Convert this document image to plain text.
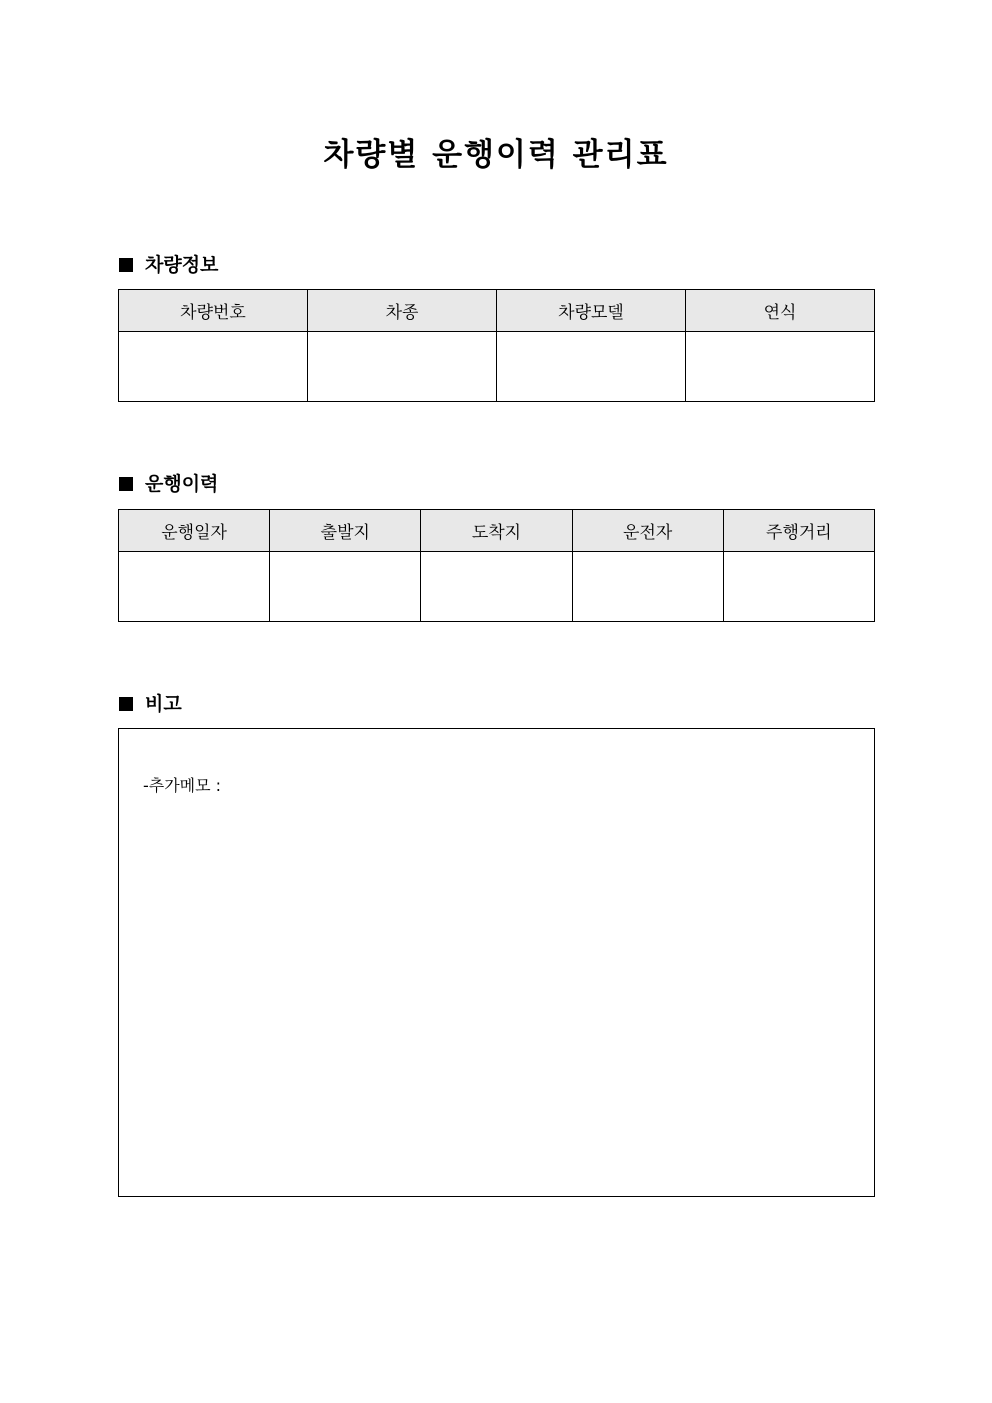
차량별 운행이력 관리표
차량정보
차량번호	차종	차량모델	연식

운행이력
운행일자	출발지	도착지	운전자	주행거리

비고
-추가메모 :
